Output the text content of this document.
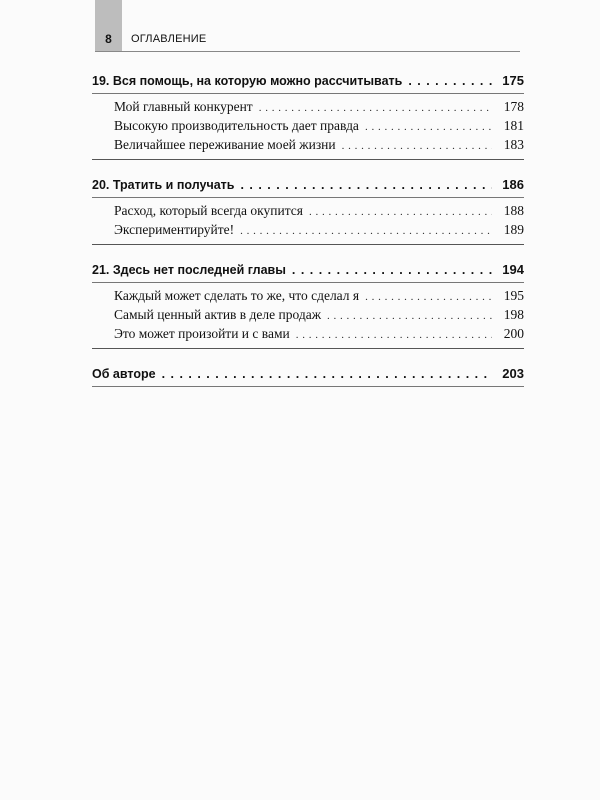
8	ОГЛАВЛЕНИЕ
19. Вся помощь, на которую можно рассчитывать . . .	175
Мой главный конкурент . . .	178
Высокую производительность дает правда . . .	181
Величайшее переживание моей жизни . . .	183
20. Тратить и получать . . .	186
Расход, который всегда окупится . . .	188
Экспериментируйте! . . .	189
21. Здесь нет последней главы . . .	194
Каждый может сделать то же, что сделал я . . .	195
Самый ценный актив в деле продаж . . .	198
Это может произойти и с вами . . .	200
Об авторе . . .	203
